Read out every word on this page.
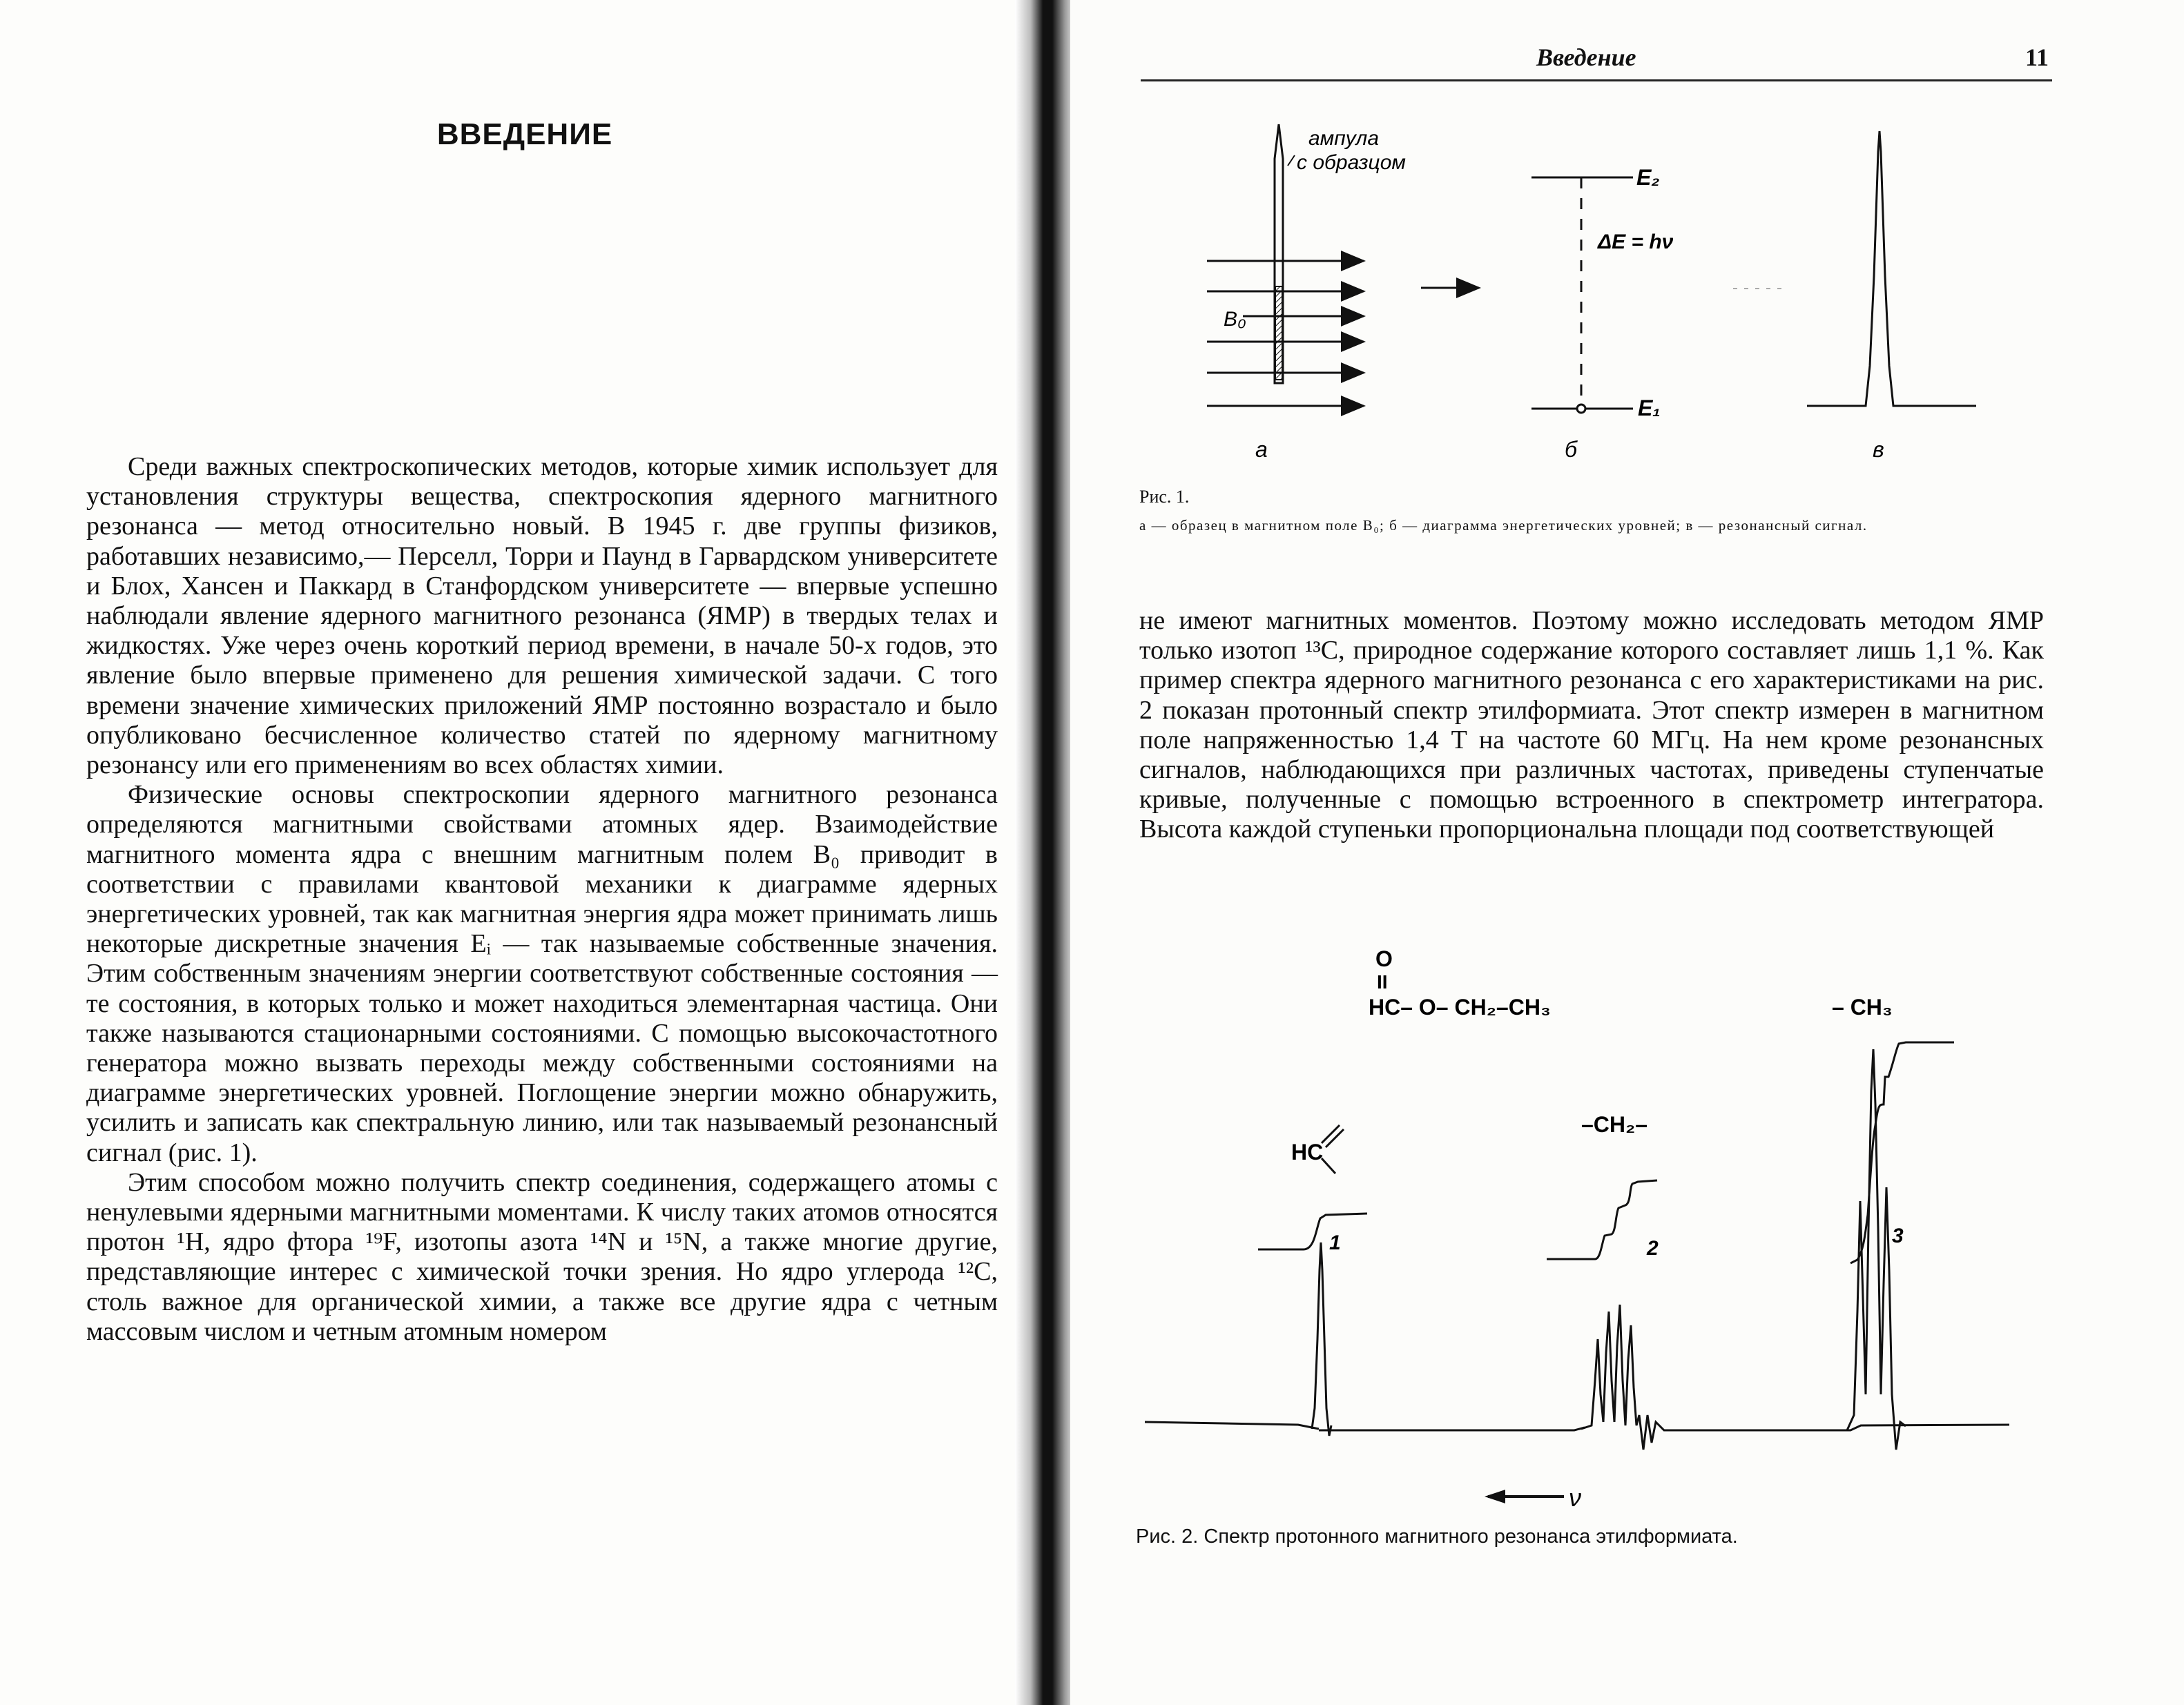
ВВЕДЕНИЕ

Среди важных спектроскопических методов, которые химик использует для установления структуры вещества, спектроскопия ядерного магнитного резонанса — метод относительно новый. В 1945 г. две группы физиков, работавших независимо,— Перселл, Торри и Паунд в Гарвардском университете и Блох, Хансен и Паккард в Станфордском университете — впервые успешно наблюдали явление ядерного магнитного резонанса (ЯМР) в твердых телах и жидкостях. Уже через очень короткий период времени, в начале 50-х годов, это явление было впервые применено для решения химической задачи. С того времени значение химических приложений ЯМР постоянно возрастало и было опубликовано бесчисленное количество статей по ядерному магнитному резонансу или его применениям во всех областях химии.

Физические основы спектроскопии ядерного магнитного резонанса определяются магнитными свойствами атомных ядер. Взаимодействие магнитного момента ядра с внешним магнитным полем B₀ приводит в соответствии с правилами квантовой механики к диаграмме ядерных энергетических уровней, так как магнитная энергия ядра может принимать лишь некоторые дискретные значения Eᵢ — так называемые собственные значения. Этим собственным значениям энергии соответствуют собственные состояния — те состояния, в которых только и может находиться элементарная частица. Они также называются стационарными состояниями. С помощью высокочастотного генератора можно вызвать переходы между собственными состояниями на диаграмме энергетических уровней. Поглощение энергии можно обнаружить, усилить и записать как спектральную линию, или так называемый резонансный сигнал (рис. 1).

Этим способом можно получить спектр соединения, содержащего атомы с ненулевыми ядерными магнитными моментами. К числу таких атомов относятся протон ¹H, ядро фтора ¹⁹F, изотопы азота ¹⁴N и ¹⁵N, а также многие другие, представляющие интерес с химической точки зрения. Но ядро углерода ¹²C, столь важное для органической химии, а также все другие ядра с четным массовым числом и четным атомным номером

Введение	11
ампула
с образцом
B₀
E₂
E₁
ΔE = hν
а	б	в
Рис. 1.
а — образец в магнитном поле B₀; б — диаграмма энергетических уровней; в — резонансный сигнал.

не имеют магнитных моментов. Поэтому можно исследовать методом ЯМР только изотоп ¹³C, природное содержание которого составляет лишь 1,1 %. Как пример спектра ядерного магнитного резонанса с его характеристиками на рис. 2 показан протонный спектр этилформиата. Этот спектр измерен в магнитном поле напряженностью 1,4 T на частоте 60 МГц. На нем кроме резонансных сигналов, наблюдающихся при различных частотах, приведены ступенчатые кривые, полученные с помощью встроенного в спектрометр интегратора. Высота каждой ступеньки пропорциональна площади под соответствующей

O
II
HC– O– CH₂–CH₃	– CH₃
–CH₂–
HC
1	2
3
ν
Рис. 2. Спектр протонного магнитного резонанса этилформиата.
